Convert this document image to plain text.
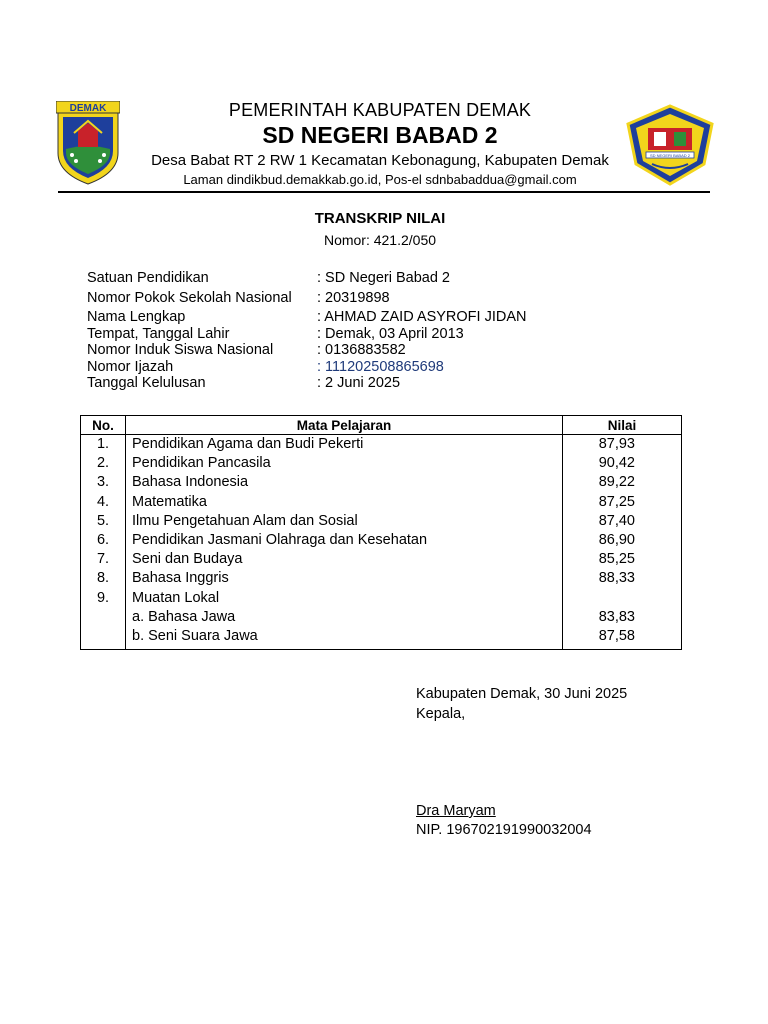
DEMAK	PEMERINTAH KABUPATEN DEMAK
SD NEGERI BABAD 2
Desa Babat RT 2 RW 1 Kecamatan Kebonagung, Kabupaten Demak
Laman dindikbud.demakkab.go.id, Pos-el sdnbabaddua@gmail.com
SD NEGERI BABAD 2
TRANSKRIP NILAI
Nomor: 421.2/050
Satuan Pendidikan	: SD Negeri Babad 2
Nomor Pokok Sekolah Nasional : 20319898
Nama Lengkap	: AHMAD ZAID ASYROFI JIDAN
Tempat, Tanggal Lahir	: Demak, 03 April 2013
Nomor Induk Siswa Nasional	: 0136883582
Nomor Ijazah	: 111202508865698
Tanggal Kelulusan	: 2 Juni 2025
No.	Mata Pelajaran	Nilai
1.	Pendidikan Agama dan Budi Pekerti	87,93
2.	Pendidikan Pancasila	90,42
3.	Bahasa Indonesia	89,22
4.	Matematika	87,25
5.	Ilmu Pengetahuan Alam dan Sosial	87,40
6.	Pendidikan Jasmani Olahraga dan Kesehatan	86,90
7.	Seni dan Budaya	85,25
8.	Bahasa Inggris	88,33
9.	Muatan Lokal	
	a. Bahasa Jawa	83,83
	b. Seni Suara Jawa	87,58
Kabupaten Demak, 30 Juni 2025
Kepala,
Dra Maryam
NIP. 196702191990032004
